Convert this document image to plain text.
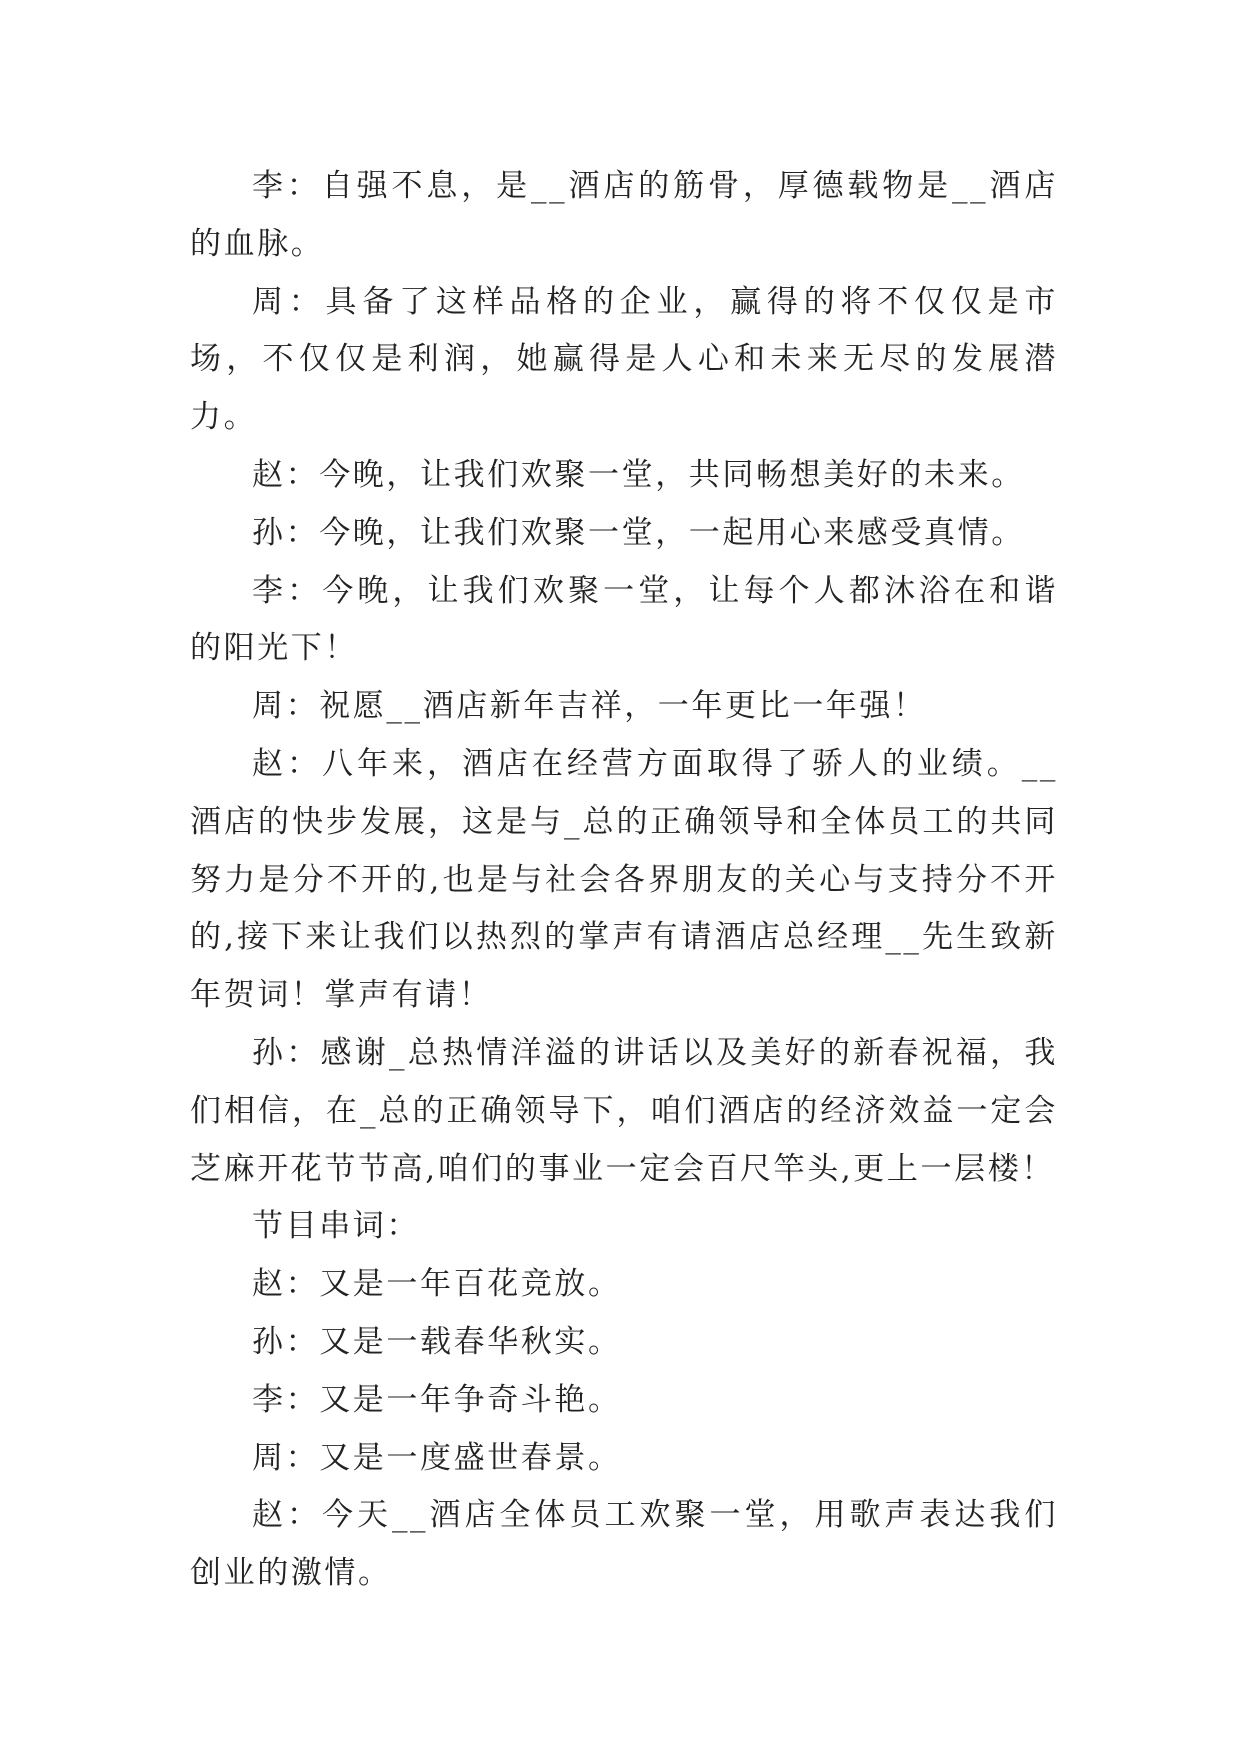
李：自强不息，是__酒店的筋骨，厚德载物是__酒店的血脉。

周：具备了这样品格的企业，赢得的将不仅仅是市场，不仅仅是利润，她赢得是人心和未来无尽的发展潜力。

赵：今晚，让我们欢聚一堂，共同畅想美好的未来。

孙：今晚，让我们欢聚一堂，一起用心来感受真情。

李：今晚，让我们欢聚一堂，让每个人都沐浴在和谐的阳光下！

周：祝愿__酒店新年吉祥，一年更比一年强！

赵：八年来，酒店在经营方面取得了骄人的业绩。__酒店的快步发展，这是与_总的正确领导和全体员工的共同努力是分不开的,也是与社会各界朋友的关心与支持分不开的,接下来让我们以热烈的掌声有请酒店总经理__先生致新年贺词！掌声有请！

孙：感谢_总热情洋溢的讲话以及美好的新春祝福，我们相信，在_总的正确领导下，咱们酒店的经济效益一定会芝麻开花节节高,咱们的事业一定会百尺竿头,更上一层楼！

节目串词：

赵：又是一年百花竞放。

孙：又是一载春华秋实。

李：又是一年争奇斗艳。

周：又是一度盛世春景。

赵：今天__酒店全体员工欢聚一堂，用歌声表达我们创业的激情。
